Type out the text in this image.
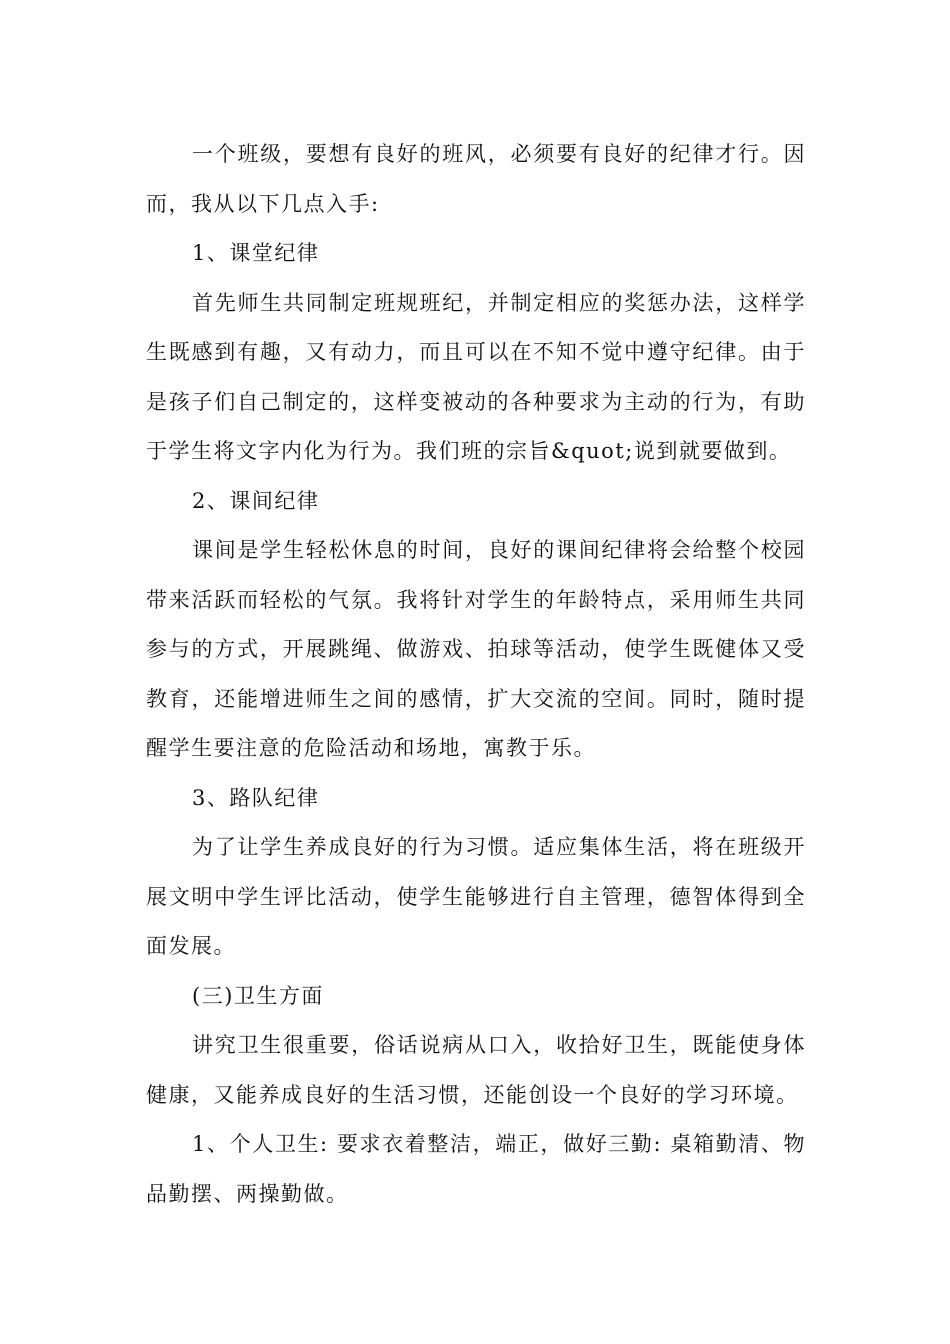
一个班级，要想有良好的班风，必须要有良好的纪律才行。因而，我从以下几点入手:

1、课堂纪律

首先师生共同制定班规班纪，并制定相应的奖惩办法，这样学生既感到有趣，又有动力，而且可以在不知不觉中遵守纪律。由于是孩子们自己制定的，这样变被动的各种要求为主动的行为，有助于学生将文字内化为行为。我们班的宗旨&quot;说到就要做到。

2、课间纪律

课间是学生轻松休息的时间，良好的课间纪律将会给整个校园带来活跃而轻松的气氛。我将针对学生的年龄特点，采用师生共同参与的方式，开展跳绳、做游戏、拍球等活动，使学生既健体又受教育，还能增进师生之间的感情，扩大交流的空间。同时，随时提醒学生要注意的危险活动和场地，寓教于乐。

3、路队纪律

为了让学生养成良好的行为习惯。适应集体生活，将在班级开展文明中学生评比活动，使学生能够进行自主管理，德智体得到全面发展。

(三)卫生方面

讲究卫生很重要，俗话说病从口入，收拾好卫生，既能使身体健康，又能养成良好的生活习惯，还能创设一个良好的学习环境。

1、个人卫生: 要求衣着整洁，端正，做好三勤: 桌箱勤清、物品勤摆、两操勤做。
